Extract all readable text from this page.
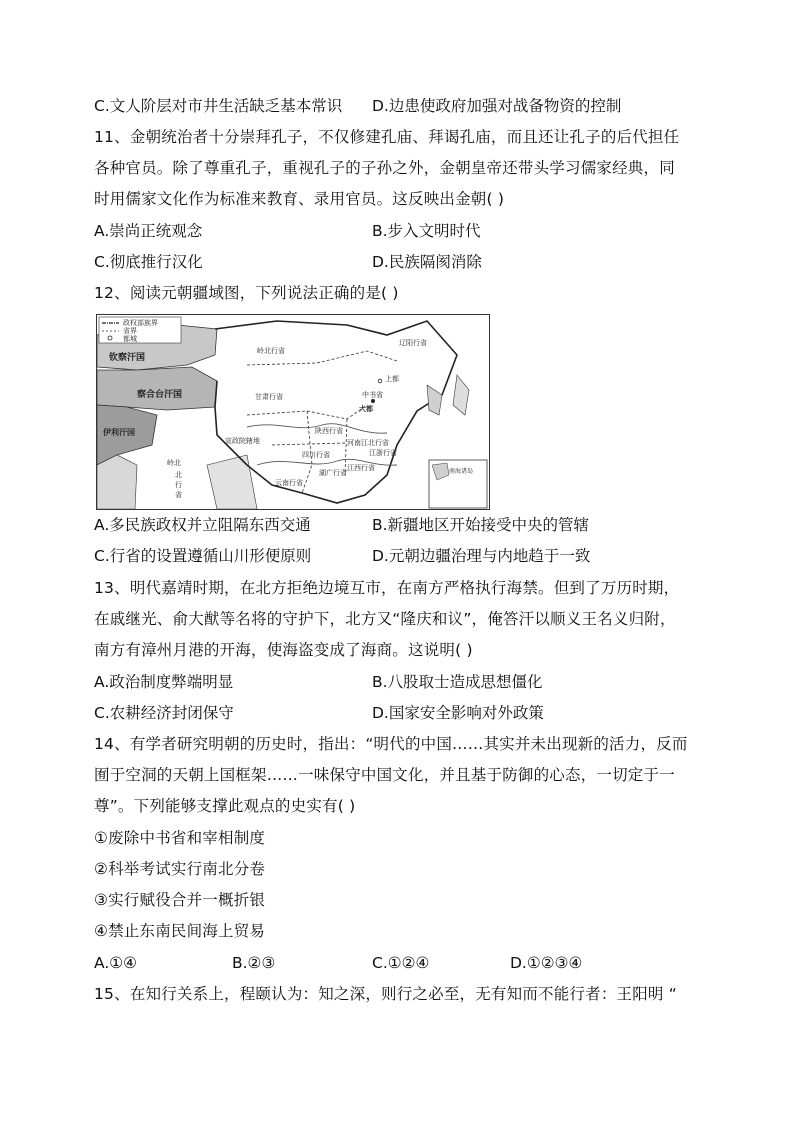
C.文人阶层对市井生活缺乏基本常识 D.边患使政府加强对战备物资的控制
11、金朝统治者十分崇拜孔子，不仅修建孔庙、拜谒孔庙，而且还让孔子的后代担任
各种官员。除了尊重孔子，重视孔子的子孙之外，金朝皇帝还带头学习儒家经典，同
时用儒家文化作为标准来教育、录用官员。这反映出金朝( )
A.崇尚正统观念	B.步入文明时代
C.彻底推行汉化	D.民族隔阂消除
12、阅读元朝疆域图，下列说法正确的是( )
政权部族界
省界
都城
钦察汗国
察合台汗国
伊利汗国
岭北行省
辽阳行省
中书省
大都
上都
甘肃行省
陕西行省
宣政院辖地
四川行省
河南江北行省
云南行省
湖广行省
江西行省
江浙行省
岭北
北
行
省
南海诸岛
A.多民族政权并立阻隔东西交通	B.新疆地区开始接受中央的管辖
C.行省的设置遵循山川形便原则	D.元朝边疆治理与内地趋于一致
13、明代嘉靖时期，在北方拒绝边境互市，在南方严格执行海禁。但到了万历时期，
在戚继光、俞大猷等名将的守护下，北方又“隆庆和议”，俺答汗以顺义王名义归附，
南方有漳州月港的开海，使海盗变成了海商。这说明( )
A.政治制度弊端明显	B.八股取士造成思想僵化
C.农耕经济封闭保守	D.国家安全影响对外政策
14、有学者研究明朝的历史时，指出：“明代的中国……其实并未出现新的活力，反而
囿于空洞的天朝上国框架……一味保守中国文化，并且基于防御的心态，一切定于一
尊”。下列能够支撑此观点的史实有( )
①废除中书省和宰相制度
②科举考试实行南北分卷
③实行赋役合并一概折银
④禁止东南民间海上贸易
A.①④	B.②③	C.①②④	D.①②③④
15、在知行关系上，程颐认为：知之深，则行之必至，无有知而不能行者：王阳明 “
